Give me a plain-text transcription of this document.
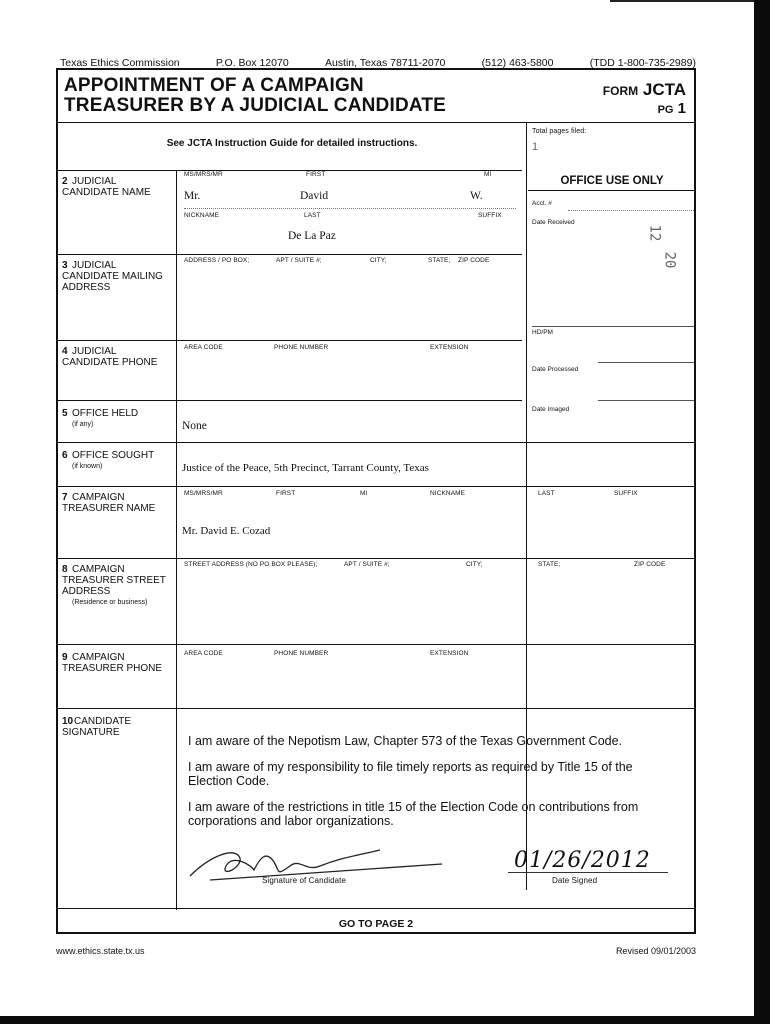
Texas Ethics Commission	P.O. Box 12070	Austin, Texas 78711-2070	(512) 463-5800	(TDD 1-800-735-2989)
APPOINTMENT OF A CAMPAIGN
TREASURER BY A JUDICIAL CANDIDATE
FORM JCTA
PG 1
See JCTA Instruction Guide for detailed instructions.
Total pages filed:
1
OFFICE USE ONLY
Acct. #
Date Received
12
20
HD/PM
Date Processed
Date Imaged
2 JUDICIAL CANDIDATE NAME
MS/MRS/MR	FIRST	MI
Mr.	David	W.
NICKNAME	LAST	SUFFIX
De La Paz
3 JUDICIAL CANDIDATE MAILING ADDRESS
ADDRESS / PO BOX;	APT / SUITE #;	CITY;	STATE; ZIP CODE
4 JUDICIAL CANDIDATE PHONE
AREA CODE	PHONE NUMBER	EXTENSION
5 OFFICE HELD
(if any)	None
6 OFFICE SOUGHT
(if known)	Justice of the Peace, 5th Precinct, Tarrant County, Texas
7 CAMPAIGN TREASURER NAME
MS/MRS/MR	FIRST	MI	NICKNAME	LAST	SUFFIX
Mr. David E. Cozad
8 CAMPAIGN TREASURER STREET ADDRESS
(Residence or business)
STREET ADDRESS (NO PO BOX PLEASE);	APT / SUITE #;	CITY;	STATE;	ZIP CODE
9 CAMPAIGN TREASURER PHONE
AREA CODE	PHONE NUMBER	EXTENSION
10CANDIDATE SIGNATURE
I am aware of the Nepotism Law, Chapter 573 of the Texas Government Code.
I am aware of my responsibility to file timely reports as required by Title 15 of the Election Code.
I am aware of the restrictions in title 15 of the Election Code on contributions from corporations and labor organizations.
Signature of Candidate
01/26/2012
Date Signed
GO TO PAGE 2
www.ethics.state.tx.us	Revised 09/01/2003
